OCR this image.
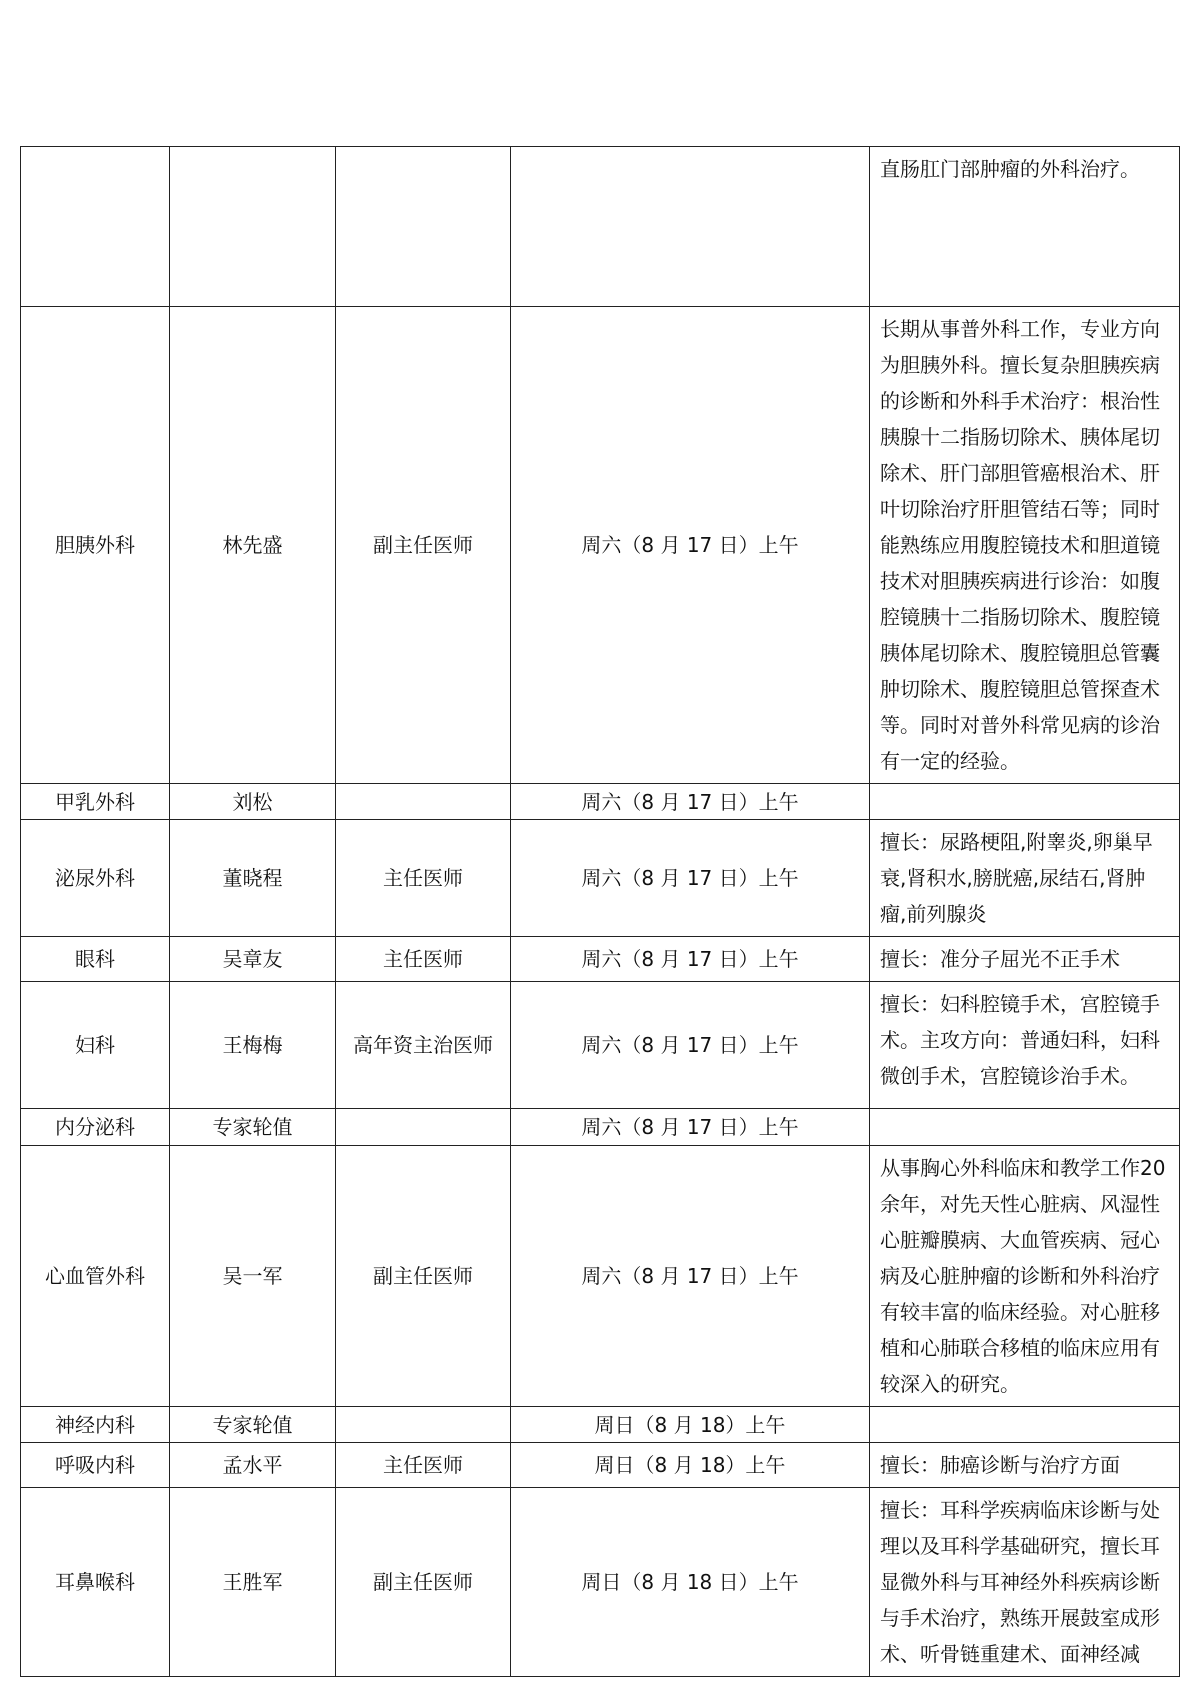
				直肠肛门部肿瘤的外科治疗。
胆胰外科	林先盛	副主任医师	周六（8 月 17 日）上午	长期从事普外科工作，专业方向为胆胰外科。擅长复杂胆胰疾病的诊断和外科手术治疗：根治性胰腺十二指肠切除术、胰体尾切除术、肝门部胆管癌根治术、肝叶切除治疗肝胆管结石等；同时能熟练应用腹腔镜技术和胆道镜技术对胆胰疾病进行诊治：如腹腔镜胰十二指肠切除术、腹腔镜胰体尾切除术、腹腔镜胆总管囊肿切除术、腹腔镜胆总管探查术等。同时对普外科常见病的诊治有一定的经验。
甲乳外科	刘松		周六（8 月 17 日）上午	
泌尿外科	董晓程	主任医师	周六（8 月 17 日）上午	擅长：尿路梗阻,附睾炎,卵巢早衰,肾积水,膀胱癌,尿结石,肾肿瘤,前列腺炎
眼科	吴章友	主任医师	周六（8 月 17 日）上午	擅长：准分子屈光不正手术
妇科	王梅梅	高年资主治医师	周六（8 月 17 日）上午	擅长：妇科腔镜手术，宫腔镜手术。主攻方向：普通妇科，妇科微创手术，宫腔镜诊治手术。
内分泌科	专家轮值		周六（8 月 17 日）上午	
心血管外科	吴一军	副主任医师	周六（8 月 17 日）上午	从事胸心外科临床和教学工作20 余年，对先天性心脏病、风湿性心脏瓣膜病、大血管疾病、冠心病及心脏肿瘤的诊断和外科治疗有较丰富的临床经验。对心脏移植和心肺联合移植的临床应用有较深入的研究。
神经内科	专家轮值		周日（8 月 18）上午	
呼吸内科	孟水平	主任医师	周日（8 月 18）上午	擅长：肺癌诊断与治疗方面
耳鼻喉科	王胜军	副主任医师	周日（8 月 18 日）上午	擅长：耳科学疾病临床诊断与处理以及耳科学基础研究，擅长耳显微外科与耳神经外科疾病诊断与手术治疗，熟练开展鼓室成形术、听骨链重建术、面神经减
